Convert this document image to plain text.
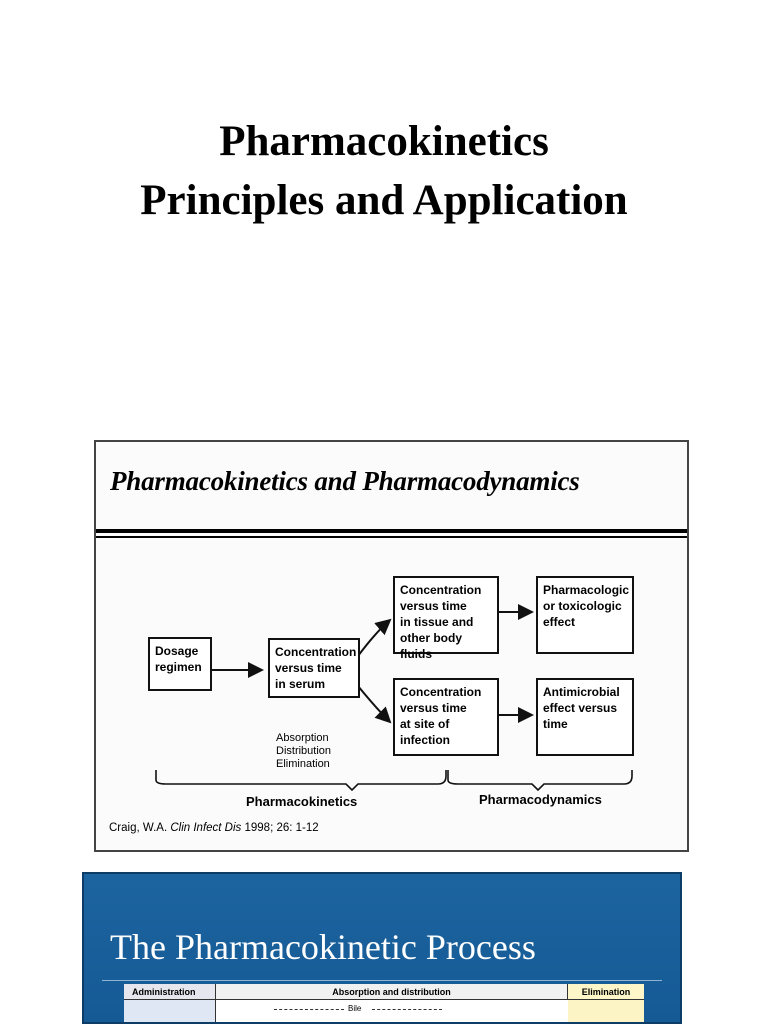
Pharmacokinetics
Principles and Application
Pharmacokinetics and Pharmacodynamics
Dosage
regimen
Concentration
versus time
in serum
Concentration
versus time
in tissue and
other body fluids
Concentration
versus time
at site of
infection
Pharmacologic
or toxicologic
effect
Antimicrobial
effect versus
time
Absorption
Distribution
Elimination
Pharmacokinetics	Pharmacodynamics
Craig, W.A. Clin Infect Dis 1998; 26: 1-12
The Pharmacokinetic Process
Administration	Absorption and distribution	Elimination
Bile
